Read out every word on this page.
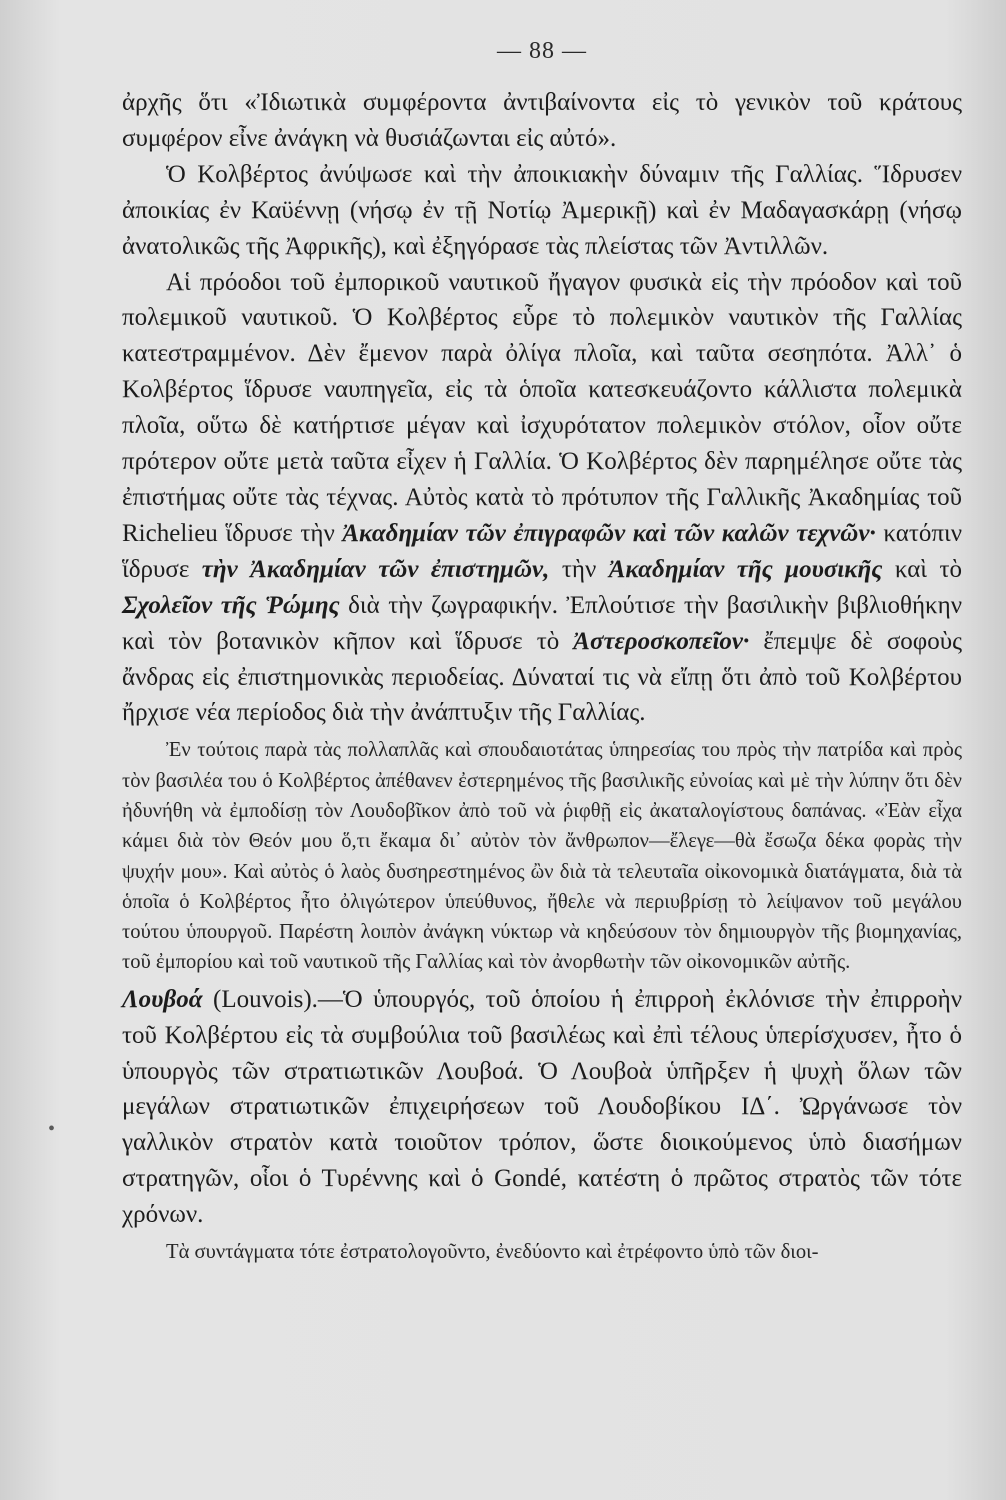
— 88 —

ἀρχῆς ὅτι «Ἰδιωτικὰ συμφέροντα ἀντιβαίνοντα εἰς τὸ γενικὸν τοῦ κράτους συμφέρον εἶνε ἀνάγκη νὰ θυσιάζωνται εἰς αὐτό».

Ὁ Κολβέρτος ἀνύψωσε καὶ τὴν ἀποικιακὴν δύναμιν τῆς Γαλλίας. Ἵδρυσεν ἀποικίας ἐν Καϋέννῃ (νήσῳ ἐν τῇ Νοτίῳ Ἀμερικῇ) καὶ ἐν Μαδαγασκάρῃ (νήσῳ ἀνατολικῶς τῆς Ἀφρικῆς), καὶ ἐξηγόρασε τὰς πλείστας τῶν Ἀντιλλῶν.

Αἱ πρόοδοι τοῦ ἐμπορικοῦ ναυτικοῦ ἤγαγον φυσικὰ εἰς τὴν πρόοδον καὶ τοῦ πολεμικοῦ ναυτικοῦ. Ὁ Κολβέρτος εὗρε τὸ πολεμικὸν ναυτικὸν τῆς Γαλλίας κατεστραμμένον. Δὲν ἔμενον παρὰ ὀλίγα πλοῖα, καὶ ταῦτα σεσηπότα. Ἀλλ᾿ ὁ Κολβέρτος ἵδρυσε ναυπηγεῖα, εἰς τὰ ὁποῖα κατεσκευάζοντο κάλλιστα πολεμικὰ πλοῖα, οὕτω δὲ κατήρτισε μέγαν καὶ ἰσχυρότατον πολεμικὸν στόλον, οἷον οὔτε πρότερον οὔτε μετὰ ταῦτα εἶχεν ἡ Γαλλία. Ὁ Κολβέρτος δὲν παρημέλησε οὔτε τὰς ἐπιστήμας οὔτε τὰς τέχνας. Αὐτὸς κατὰ τὸ πρότυπον τῆς Γαλλικῆς Ἀκαδημίας τοῦ Richelieu ἵδρυσε τὴν Ἀκαδημίαν τῶν ἐπιγραφῶν καὶ τῶν καλῶν τεχνῶν· κατόπιν ἵδρυσε τὴν Ἀκαδημίαν τῶν ἐπιστημῶν, τὴν Ἀκαδημίαν τῆς μουσικῆς καὶ τὸ Σχολεῖον τῆς Ῥώμης διὰ τὴν ζωγραφικήν. Ἐπλούτισε τὴν βασιλικὴν βιβλιοθήκην καὶ τὸν βοτανικὸν κῆπον καὶ ἵδρυσε τὸ Ἀστεροσκοπεῖον· ἔπεμψε δὲ σοφοὺς ἄνδρας εἰς ἐπιστημονικὰς περιοδείας. Δύναταί τις νὰ εἴπῃ ὅτι ἀπὸ τοῦ Κολβέρτου ἤρχισε νέα περίοδος διὰ τὴν ἀνάπτυξιν τῆς Γαλλίας.

Ἐν τούτοις παρὰ τὰς πολλαπλᾶς καὶ σπουδαιοτάτας ὑπηρεσίας του πρὸς τὴν πατρίδα καὶ πρὸς τὸν βασιλέα του ὁ Κολβέρτος ἀπέθανεν ἐστερημένος τῆς βασιλικῆς εὐνοίας καὶ μὲ τὴν λύπην ὅτι δὲν ἠδυνήθη νὰ ἐμποδίσῃ τὸν Λουδοβῖκον ἀπὸ τοῦ νὰ ῥιφθῇ εἰς ἀκαταλογίστους δαπάνας. «Ἐὰν εἶχα κάμει διὰ τὸν Θεόν μου ὅ,τι ἔκαμα δι᾿ αὐτὸν τὸν ἄνθρωπον—ἔλεγε—θὰ ἔσωζα δέκα φορὰς τὴν ψυχήν μου». Καὶ αὐτὸς ὁ λαὸς δυσηρεστημένος ὢν διὰ τὰ τελευταῖα οἰκονομικὰ διατάγματα, διὰ τὰ ὁποῖα ὁ Κολβέρτος ἦτο ὀλιγώτερον ὑπεύθυνος, ἤθελε νὰ περιυβρίσῃ τὸ λείψανον τοῦ μεγάλου τούτου ὑπουργοῦ. Παρέστη λοιπὸν ἀνάγκη νύκτωρ νὰ κηδεύσουν τὸν δημιουργὸν τῆς βιομηχανίας, τοῦ ἐμπορίου καὶ τοῦ ναυτικοῦ τῆς Γαλλίας καὶ τὸν ἀνορθωτὴν τῶν οἰκονομικῶν αὐτῆς.

Λουβοά (Louvois).—Ὁ ὑπουργός, τοῦ ὁποίου ἡ ἐπιρροὴ ἐκλόνισε τὴν ἐπιρροὴν τοῦ Κολβέρτου εἰς τὰ συμβούλια τοῦ βασιλέως καὶ ἐπὶ τέλους ὑπερίσχυσεν, ἦτο ὁ ὑπουργὸς τῶν στρατιωτικῶν Λουβοά. Ὁ Λουβοὰ ὑπῆρξεν ἡ ψυχὴ ὅλων τῶν μεγάλων στρατιωτικῶν ἐπιχειρήσεων τοῦ Λουδοβίκου ΙΔ΄. Ὠργάνωσε τὸν γαλλικὸν στρατὸν κατὰ τοιοῦτον τρόπον, ὥστε διοικούμενος ὑπὸ διασήμων στρατηγῶν, οἷοι ὁ Τυρέννης καὶ ὁ Gondé, κατέστη ὁ πρῶτος στρατὸς τῶν τότε χρόνων.

Τὰ συντάγματα τότε ἐστρατολογοῦντο, ἐνεδύοντο καὶ ἐτρέφοντο ὑπὸ τῶν διοι-

•
